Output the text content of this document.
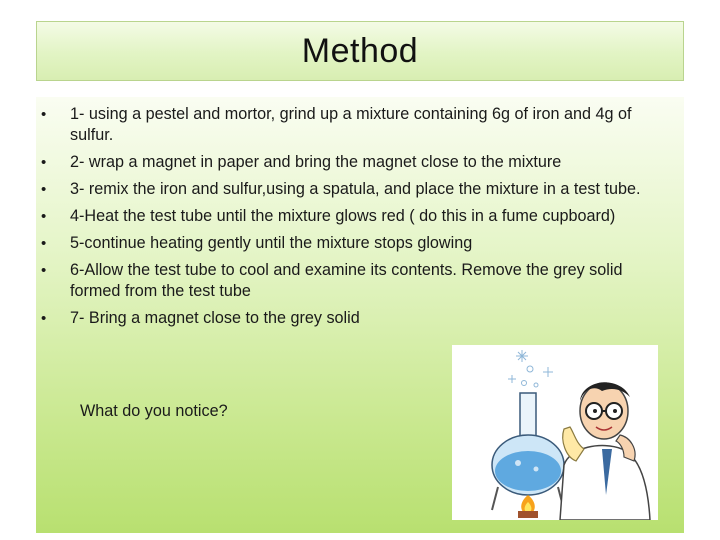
Method
• 1- using a pestel and mortor, grind up a mixture containing 6g of iron and 4g of sulfur.
• 2- wrap a magnet in paper and bring the magnet close to the mixture
• 3- remix the iron and sulfur,using a spatula, and place the mixture in a test tube.
• 4-Heat the test tube until the mixture glows red ( do this in a fume cupboard)
• 5-continue heating gently until the mixture stops glowing
• 6-Allow the test tube to cool and examine its contents. Remove the grey solid formed from the test tube
• 7- Bring a magnet close to the grey solid
What do you notice?
